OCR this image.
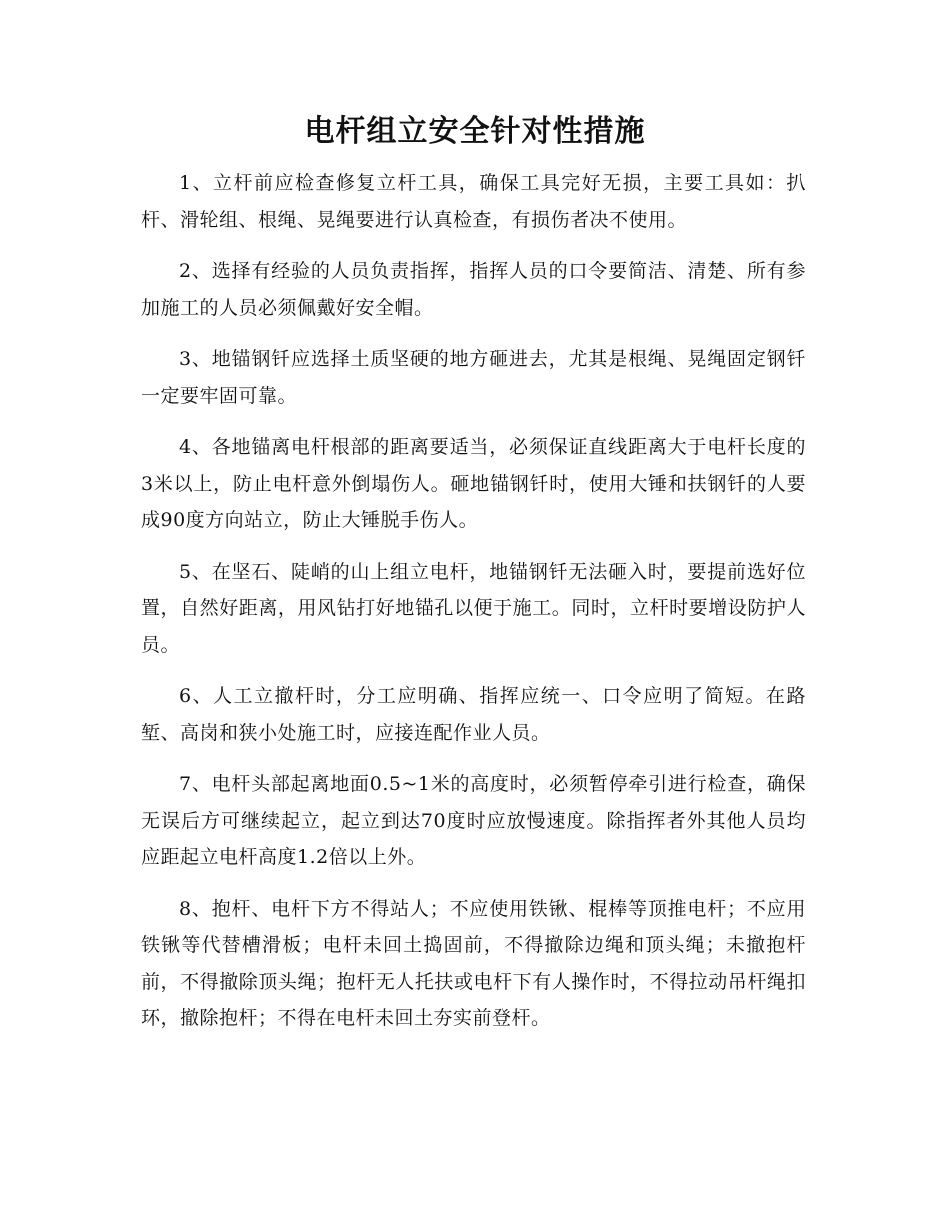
电杆组立安全针对性措施

1、立杆前应检查修复立杆工具，确保工具完好无损，主要工具如：扒杆、滑轮组、根绳、晃绳要进行认真检查，有损伤者决不使用。

2、选择有经验的人员负责指挥，指挥人员的口令要简洁、清楚、所有参加施工的人员必须佩戴好安全帽。

3、地锚钢钎应选择土质坚硬的地方砸进去，尤其是根绳、晃绳固定钢钎一定要牢固可靠。

4、各地锚离电杆根部的距离要适当，必须保证直线距离大于电杆长度的3米以上，防止电杆意外倒塌伤人。砸地锚钢钎时，使用大锤和扶钢钎的人要成90度方向站立，防止大锤脱手伤人。

5、在坚石、陡峭的山上组立电杆，地锚钢钎无法砸入时，要提前选好位置，自然好距离，用风钻打好地锚孔以便于施工。同时，立杆时要增设防护人员。

6、人工立撤杆时，分工应明确、指挥应统一、口令应明了简短。在路堑、高岗和狭小处施工时，应接连配作业人员。

7、电杆头部起离地面0.5~1米的高度时，必须暂停牵引进行检查，确保无误后方可继续起立，起立到达70度时应放慢速度。除指挥者外其他人员均应距起立电杆高度1.2倍以上外。

8、抱杆、电杆下方不得站人；不应使用铁锹、棍棒等顶推电杆；不应用铁锹等代替槽滑板；电杆未回土捣固前，不得撤除边绳和顶头绳；未撤抱杆前，不得撤除顶头绳；抱杆无人托扶或电杆下有人操作时，不得拉动吊杆绳扣环，撤除抱杆；不得在电杆未回土夯实前登杆。
